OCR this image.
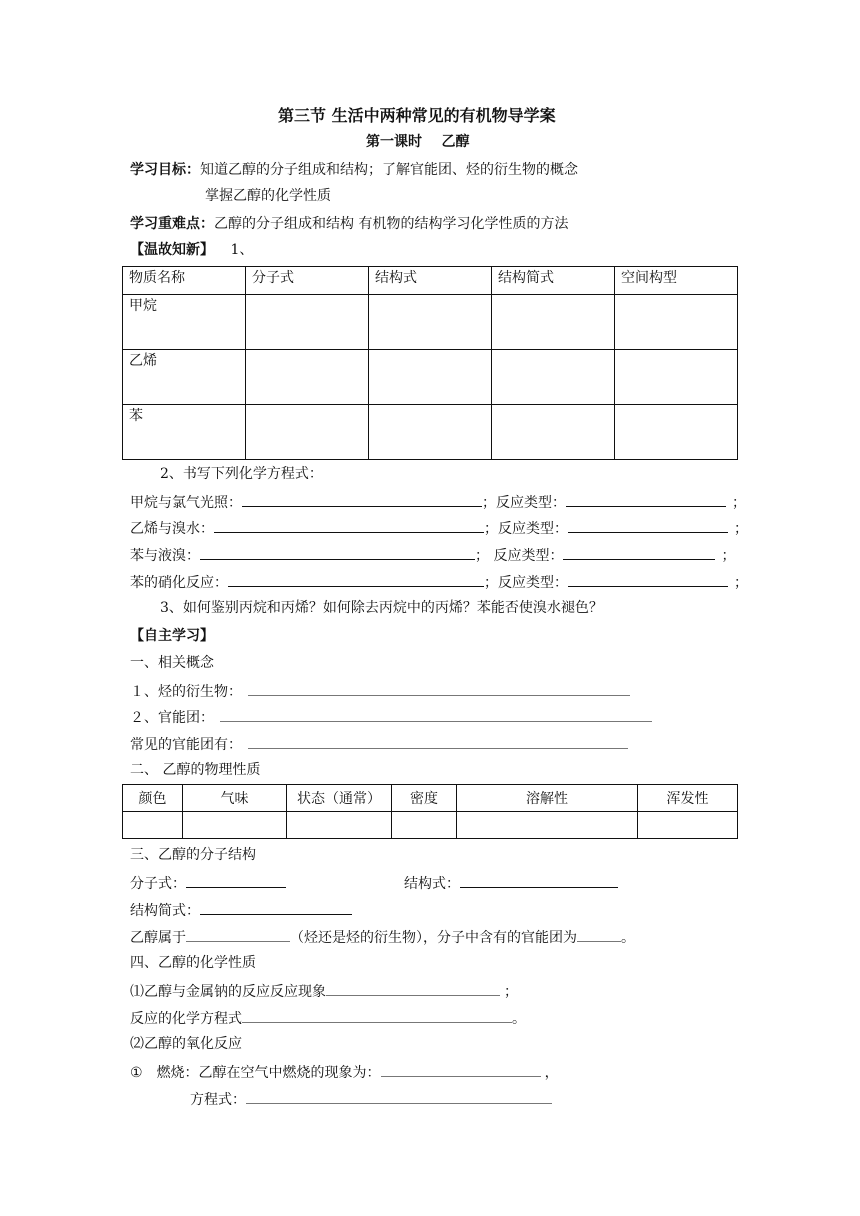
第三节 生活中两种常见的有机物导学案
第一课时    乙醇
学习目标：知道乙醇的分子组成和结构；了解官能团、烃的衍生物的概念
掌握乙醇的化学性质
学习重难点：乙醇的分子组成和结构 有机物的结构学习化学性质的方法
【温故知新】 1、
物质名称	分子式	结构式	结构简式	空间构型
甲烷				
乙烯				
苯				
2、书写下列化学方程式：
甲烷与氯气光照：	；反应类型：	；
乙烯与溴水：	；反应类型：	；
苯与液溴：	； 反应类型：	；
苯的硝化反应：	；反应类型：	；
3、如何鉴别丙烷和丙烯？如何除去丙烷中的丙烯？苯能否使溴水褪色？
【自主学习】
一、相关概念
１、烃的衍生物：
２、官能团：
常见的官能团有：
二、 乙醇的物理性质
颜色	气味	状态（通常）	密度	溶解性	浑发性

三、乙醇的分子结构
分子式：	结构式：
结构简式：
乙醇属于	（烃还是烃的衍生物），分子中含有的官能团为	。
四、乙醇的化学性质
⑴乙醇与金属钠的反应反应现象	；
反应的化学方程式	。
⑵乙醇的氧化反应
① 燃烧：乙醇在空气中燃烧的现象为：	，
方程式：
